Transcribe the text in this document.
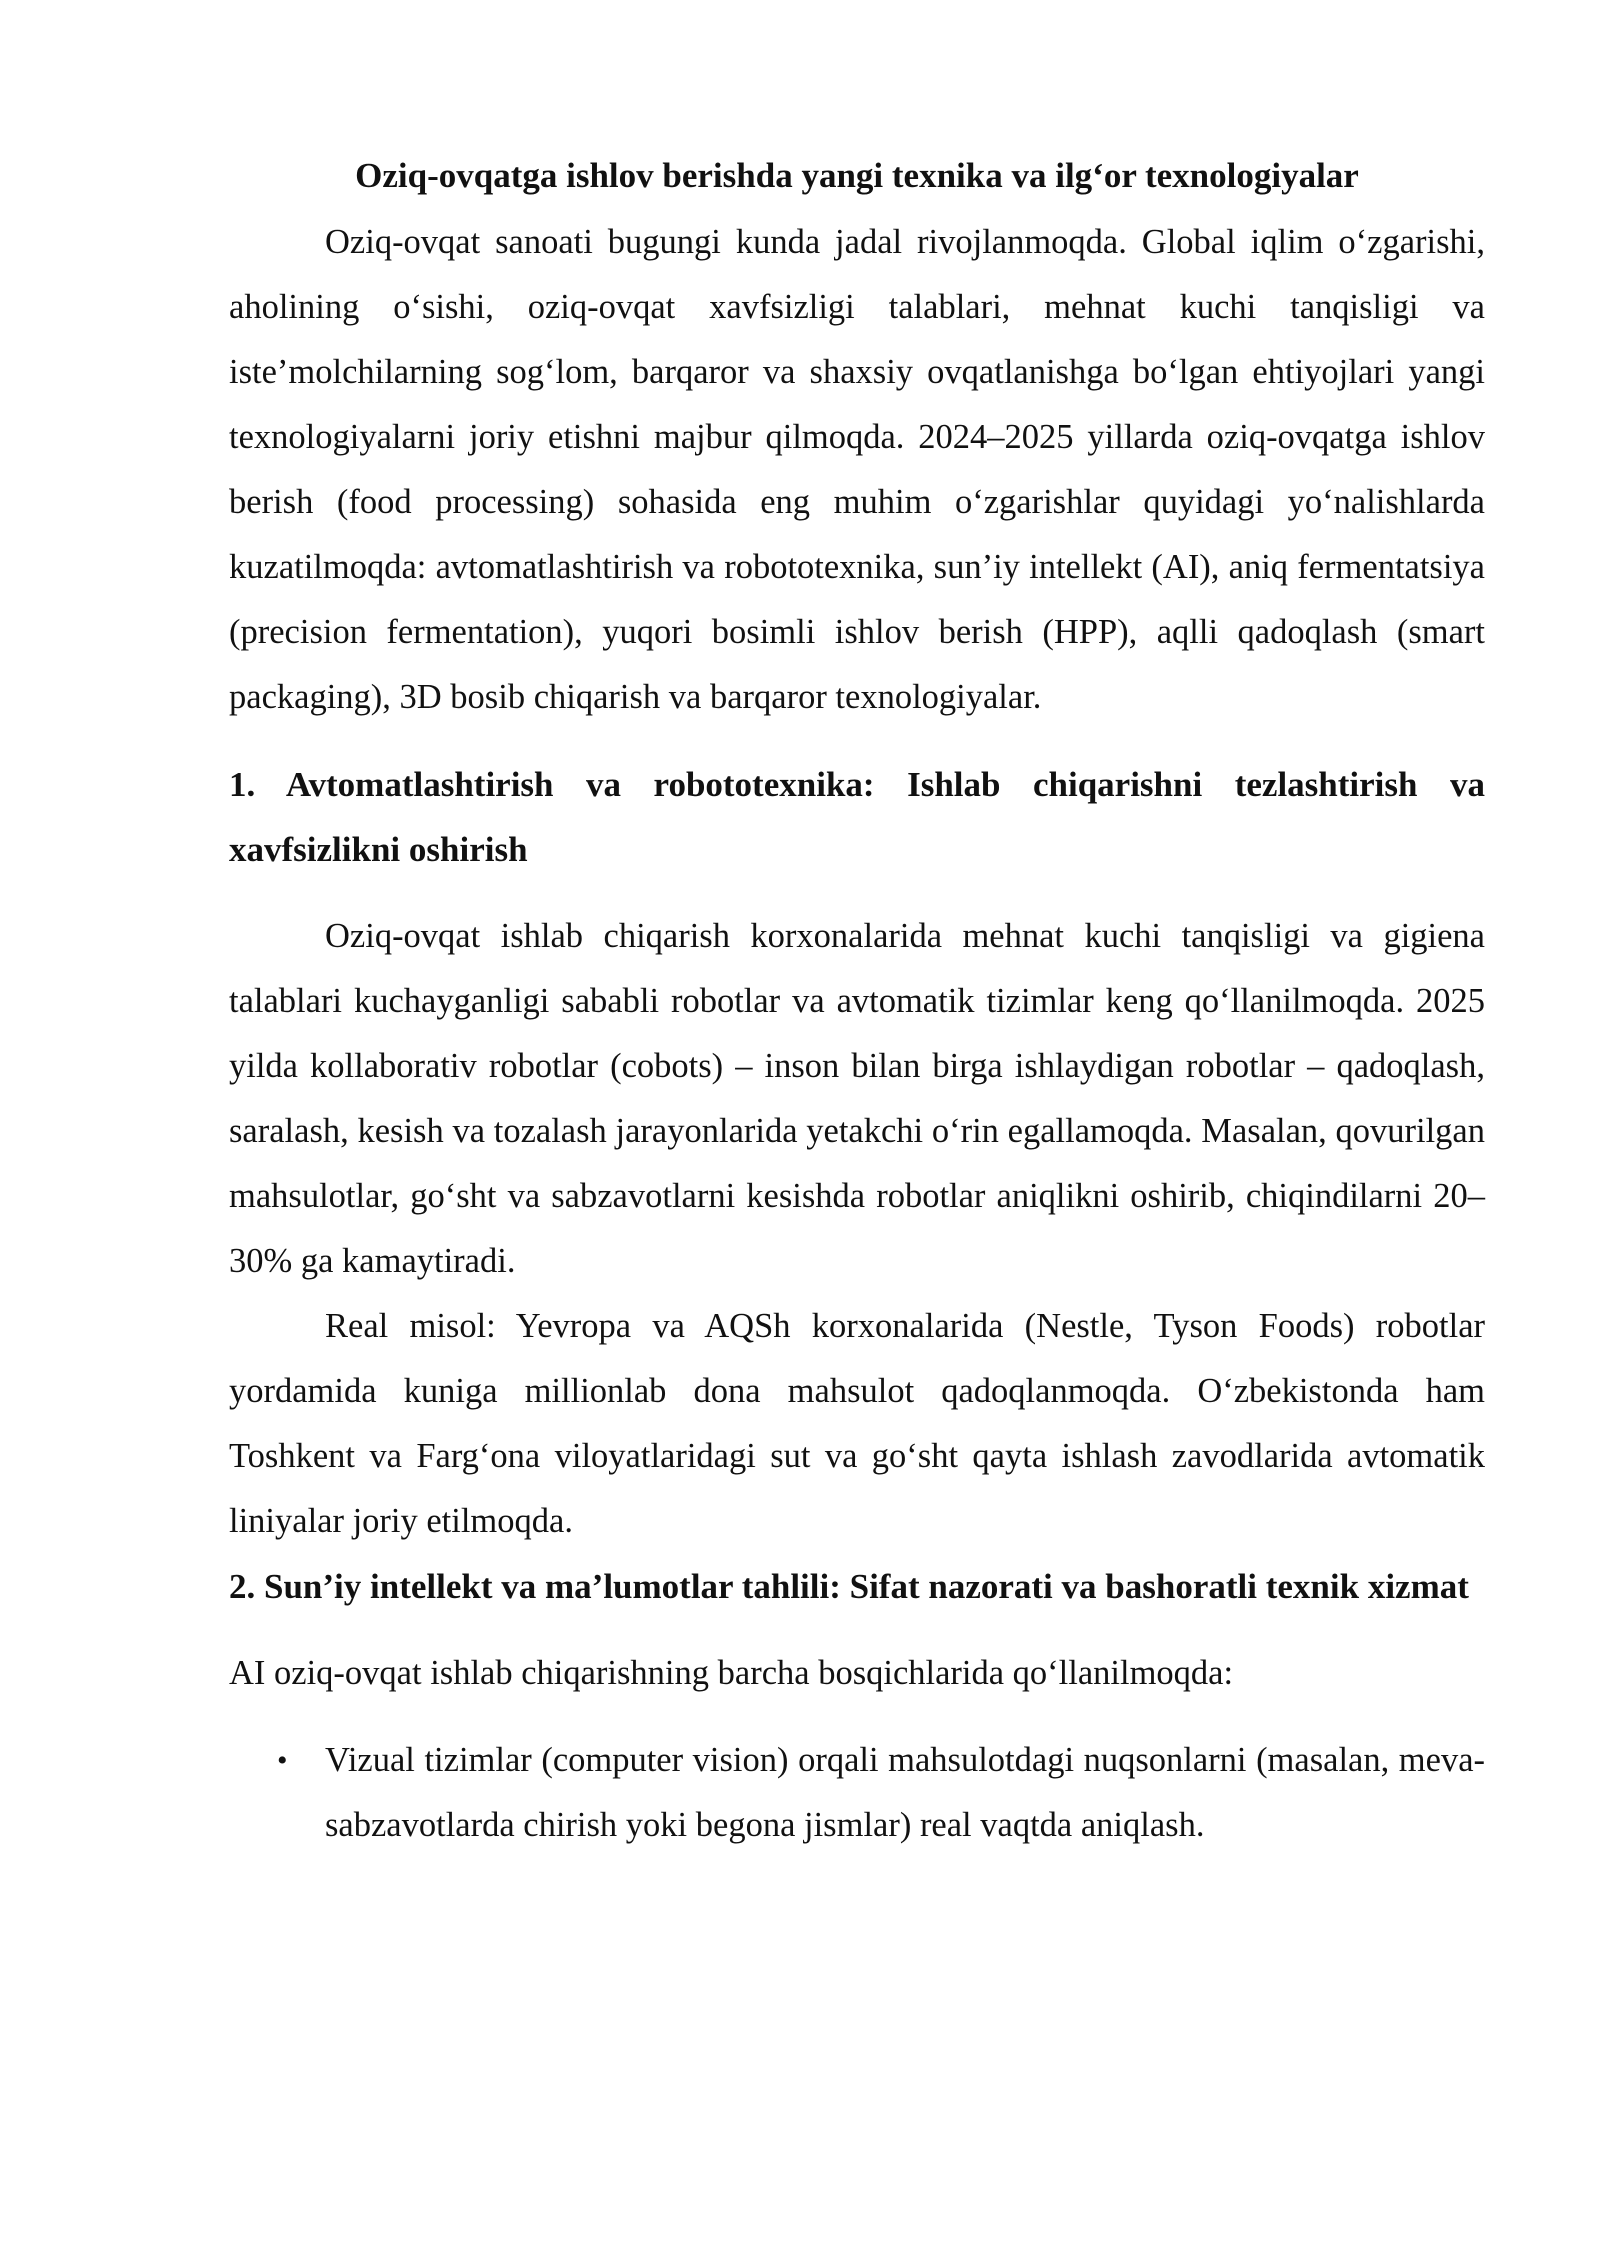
Oziq-ovqatga ishlov berishda yangi texnika va ilg‘or texnologiyalar

Oziq-ovqat sanoati bugungi kunda jadal rivojlanmoqda. Global iqlim o‘zgarishi, aholining o‘sishi, oziq-ovqat xavfsizligi talablari, mehnat kuchi tanqisligi va iste’molchilarning sog‘lom, barqaror va shaxsiy ovqatlanishga bo‘lgan ehtiyojlari yangi texnologiyalarni joriy etishni majbur qilmoqda. 2024–2025 yillarda oziq-ovqatga ishlov berish (food processing) sohasida eng muhim o‘zgarishlar quyidagi yo‘nalishlarda kuzatilmoqda: avtomatlashtirish va robototexnika, sun’iy intellekt (AI), aniq fermentatsiya (precision fermentation), yuqori bosimli ishlov berish (HPP), aqlli qadoqlash (smart packaging), 3D bosib chiqarish va barqaror texnologiyalar.

1. Avtomatlashtirish va robototexnika: Ishlab chiqarishni tezlashtirish va xavfsizlikni oshirish

Oziq-ovqat ishlab chiqarish korxonalarida mehnat kuchi tanqisligi va gigiena talablari kuchayganligi sababli robotlar va avtomatik tizimlar keng qo‘llanilmoqda. 2025 yilda kollaborativ robotlar (cobots) – inson bilan birga ishlaydigan robotlar – qadoqlash, saralash, kesish va tozalash jarayonlarida yetakchi o‘rin egallamoqda. Masalan, qovurilgan mahsulotlar, go‘sht va sabzavotlarni kesishda robotlar aniqlikni oshirib, chiqindilarni 20–30% ga kamaytiradi.

Real misol: Yevropa va AQSh korxonalarida (Nestle, Tyson Foods) robotlar yordamida kuniga millionlab dona mahsulot qadoqlanmoqda. O‘zbekistonda ham Toshkent va Farg‘ona viloyatlaridagi sut va go‘sht qayta ishlash zavodlarida avtomatik liniyalar joriy etilmoqda.

2. Sun’iy intellekt va ma’lumotlar tahlili: Sifat nazorati va bashoratli texnik xizmat

AI oziq-ovqat ishlab chiqarishning barcha bosqichlarida qo‘llanilmoqda:

• Vizual tizimlar (computer vision) orqali mahsulotdagi nuqsonlarni (masalan, meva-sabzavotlarda chirish yoki begona jismlar) real vaqtda aniqlash.
